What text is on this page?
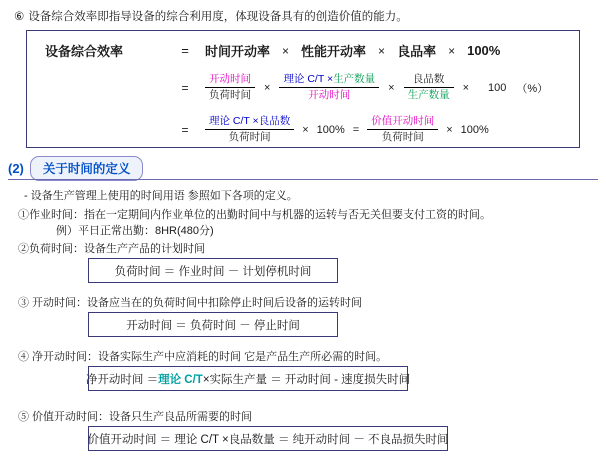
⑥ 设备综合效率即指导设备的综合利用度，体现设备具有的创造价值的能力。
设备综合效率	=	时间开动率 × 性能开动率 × 良品率 × 100%
=	$\frac{\text{开动时间}}{\text{负荷时间}} \times \frac{\text{理论 C/T ×生产数量}}{\text{开动时间}} \times \frac{\text{良品数}}{\text{生产数量}} \times 100$ （%）
=	$\frac{\text{理论 C/T ×良品数}}{\text{负荷时间}} \times 100\% = \frac{\text{价值开动时间}}{\text{负荷时间}} \times 100\%$
(2)	关于时间的定义
- 设备生产管理上使用的时间用语 参照如下各项的定义。
①作业时间：指在一定期间内作业单位的出勤时间中与机器的运转与否无关但要支付工资的时间。
例）平日正常出勤：8HR(480分)
②负荷时间：设备生产产品的计划时间
负荷时间 ＝ 作业时间 － 计划停机时间
③ 开动时间：设备应当在的负荷时间中扣除停止时间后设备的运转时间
开动时间 ＝ 负荷时间 － 停止时间
④ 净开动时间：设备实际生产中应消耗的时间 它是产品生产所必需的时间。
净开动时间 ＝ 理论 C/T ×实际生产量 ＝ 开动时间 - 速度损失时间
⑤ 价值开动时间：设备只生产良品所需要的时间
价值开动时间 ＝ 理论 C/T ×良品数量 ＝ 纯开动时间 － 不良品损失时间
